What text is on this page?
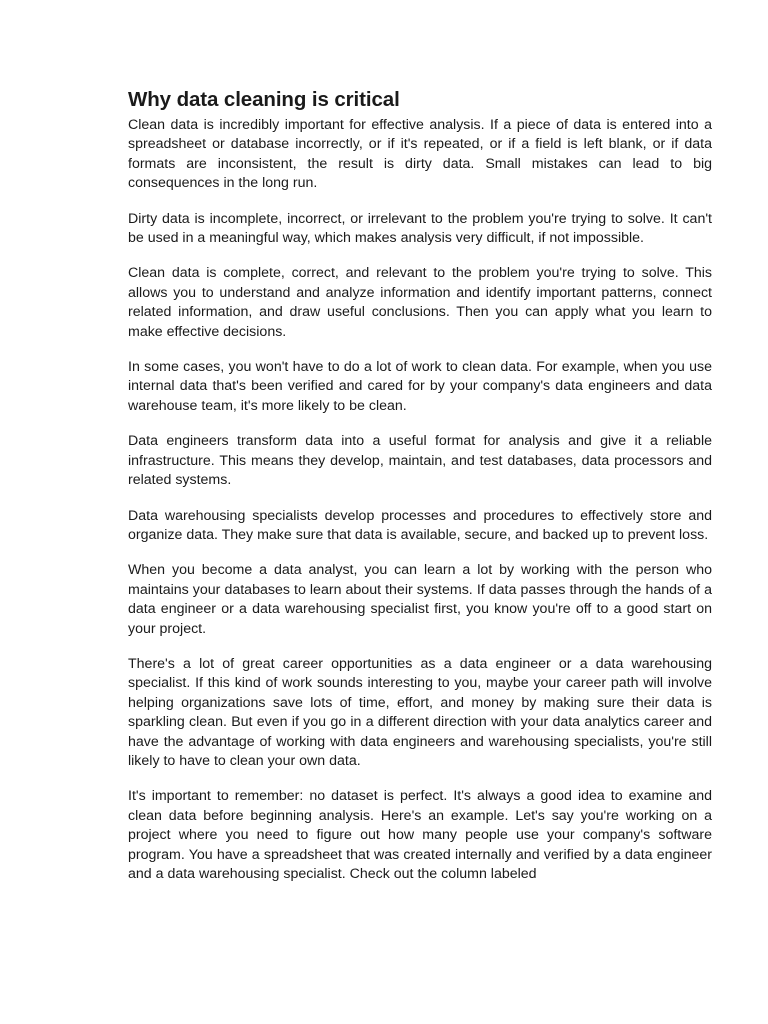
Why data cleaning is critical

Clean data is incredibly important for effective analysis. If a piece of data is entered into a spreadsheet or database incorrectly, or if it's repeated, or if a field is left blank, or if data formats are inconsistent, the result is dirty data. Small mistakes can lead to big consequences in the long run.

Dirty data is incomplete, incorrect, or irrelevant to the problem you're trying to solve. It can't be used in a meaningful way, which makes analysis very difficult, if not impossible.

Clean data is complete, correct, and relevant to the problem you're trying to solve. This allows you to understand and analyze information and identify important patterns, connect related information, and draw useful conclusions. Then you can apply what you learn to make effective decisions.

In some cases, you won't have to do a lot of work to clean data. For example, when you use internal data that's been verified and cared for by your company's data engineers and data warehouse team, it's more likely to be clean.

Data engineers transform data into a useful format for analysis and give it a reliable infrastructure. This means they develop, maintain, and test databases, data processors and related systems.

Data warehousing specialists develop processes and procedures to effectively store and organize data. They make sure that data is available, secure, and backed up to prevent loss.

When you become a data analyst, you can learn a lot by working with the person who maintains your databases to learn about their systems. If data passes through the hands of a data engineer or a data warehousing specialist first, you know you're off to a good start on your project.

There's a lot of great career opportunities as a data engineer or a data warehousing specialist. If this kind of work sounds interesting to you, maybe your career path will involve helping organizations save lots of time, effort, and money by making sure their data is sparkling clean. But even if you go in a different direction with your data analytics career and have the advantage of working with data engineers and warehousing specialists, you're still likely to have to clean your own data.

It's important to remember: no dataset is perfect. It's always a good idea to examine and clean data before beginning analysis. Here's an example. Let's say you're working on a project where you need to figure out how many people use your company's software program. You have a spreadsheet that was created internally and verified by a data engineer and a data warehousing specialist. Check out the column labeled
